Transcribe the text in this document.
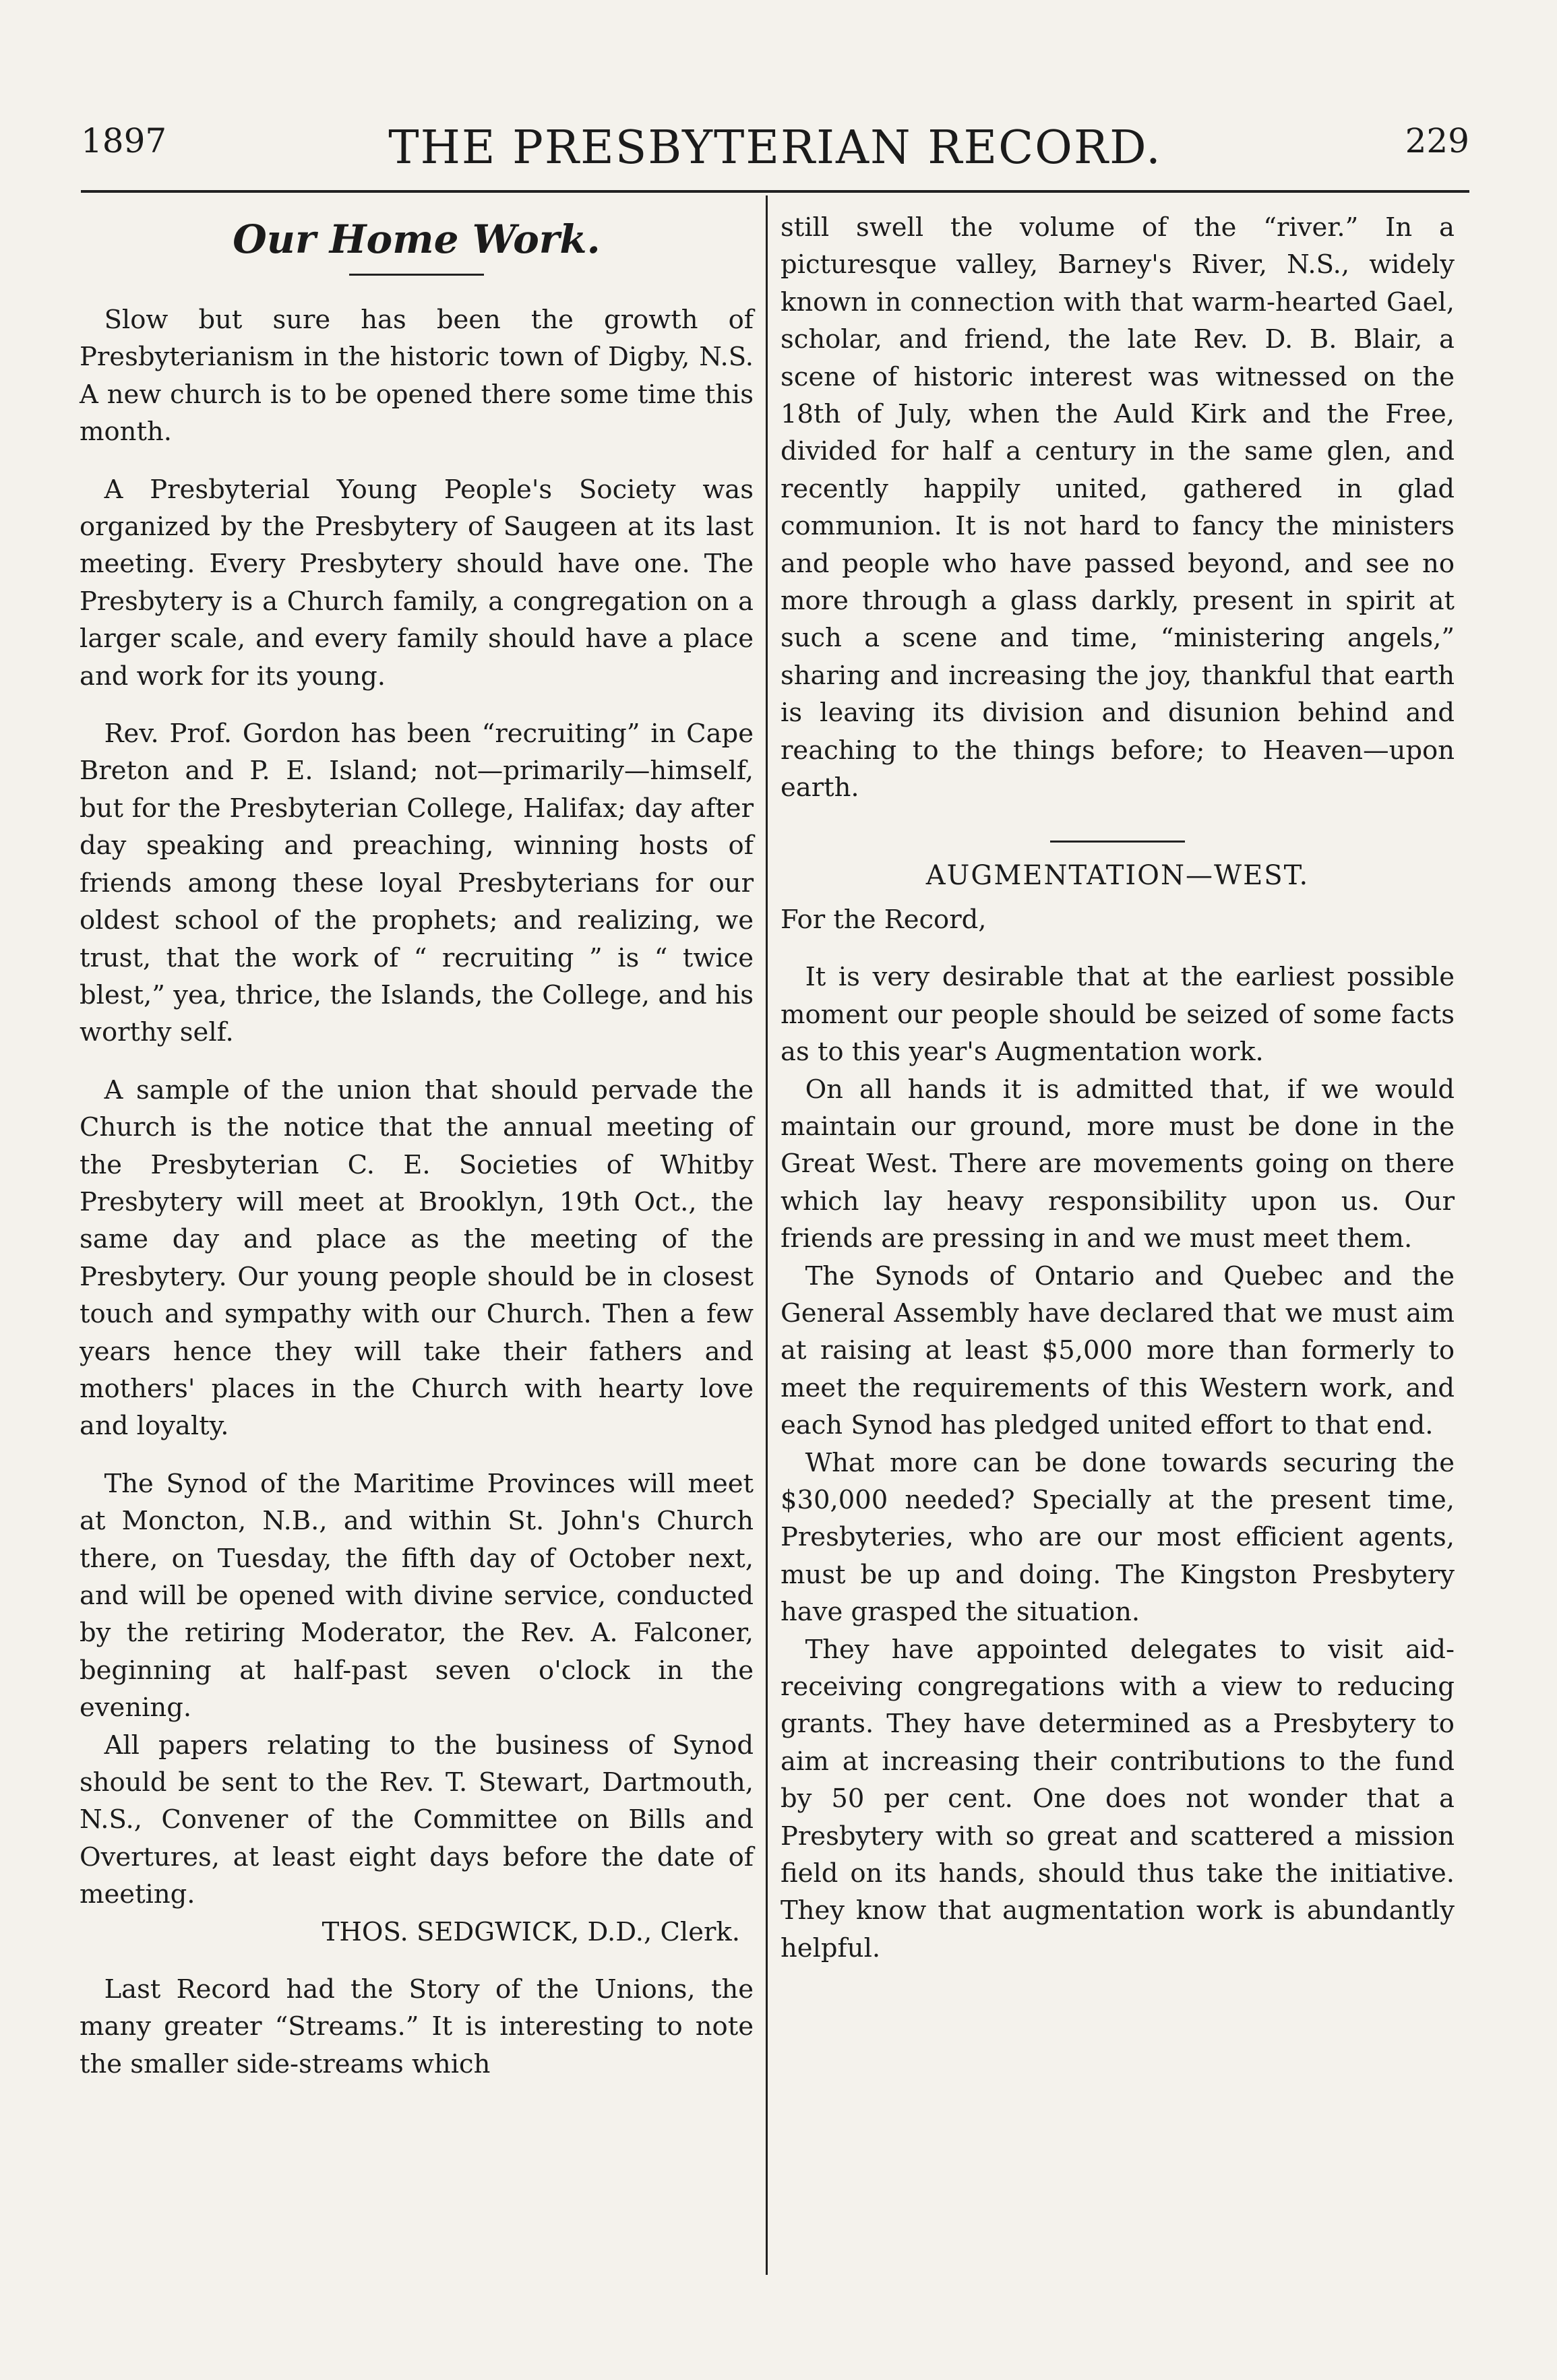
THE PRESBYTERIAN RECORD.
1897	229
Our Home Work.

Slow but sure has been the growth of Presbyterianism in the historic town of Digby, N.S. A new church is to be opened there some time this month.

A Presbyterial Young People's Society was organized by the Presbytery of Saugeen at its last meeting. Every Presbytery should have one. The Presbytery is a Church family, a congregation on a larger scale, and every family should have a place and work for its young.

Rev. Prof. Gordon has been “recruiting” in Cape Breton and P. E. Island; not—primarily—himself, but for the Presbyterian College, Halifax; day after day speaking and preaching, winning hosts of friends among these loyal Presbyterians for our oldest school of the prophets; and realizing, we trust, that the work of “ recruiting ” is “ twice blest,” yea, thrice, the Islands, the College, and his worthy self.

A sample of the union that should pervade the Church is the notice that the annual meeting of the Presbyterian C. E. Societies of Whitby Presbytery will meet at Brooklyn, 19th Oct., the same day and place as the meeting of the Presbytery. Our young people should be in closest touch and sympathy with our Church. Then a few years hence they will take their fathers and mothers' places in the Church with hearty love and loyalty.

The Synod of the Maritime Provinces will meet at Moncton, N.B., and within St. John's Church there, on Tuesday, the fifth day of October next, and will be opened with divine service, conducted by the retiring Moderator, the Rev. A. Falconer, beginning at half-past seven o'clock in the evening.

All papers relating to the business of Synod should be sent to the Rev. T. Stewart, Dartmouth, N.S., Convener of the Committee on Bills and Overtures, at least eight days before the date of meeting.

THOS. SEDGWICK, D.D., Clerk.

Last Record had the Story of the Unions, the many greater “Streams.” It is interesting to note the smaller side-streams which

still swell the volume of the “river.” In a picturesque valley, Barney's River, N.S., widely known in connection with that warm-hearted Gael, scholar, and friend, the late Rev. D. B. Blair, a scene of historic interest was witnessed on the 18th of July, when the Auld Kirk and the Free, divided for half a century in the same glen, and recently happily united, gathered in glad communion. It is not hard to fancy the ministers and people who have passed beyond, and see no more through a glass darkly, present in spirit at such a scene and time, “ministering angels,” sharing and increasing the joy, thankful that earth is leaving its division and disunion behind and reaching to the things before; to Heaven—upon earth.

AUGMENTATION—WEST.

For the Record,

It is very desirable that at the earliest possible moment our people should be seized of some facts as to this year's Augmentation work.

On all hands it is admitted that, if we would maintain our ground, more must be done in the Great West. There are movements going on there which lay heavy responsibility upon us. Our friends are pressing in and we must meet them.

The Synods of Ontario and Quebec and the General Assembly have declared that we must aim at raising at least $5,000 more than formerly to meet the requirements of this Western work, and each Synod has pledged united effort to that end.

What more can be done towards securing the $30,000 needed? Specially at the present time, Presbyteries, who are our most efficient agents, must be up and doing. The Kingston Presbytery have grasped the situation.

They have appointed delegates to visit aid-receiving congregations with a view to reducing grants. They have determined as a Presbytery to aim at increasing their contributions to the fund by 50 per cent. One does not wonder that a Presbytery with so great and scattered a mission field on its hands, should thus take the initiative. They know that augmentation work is abundantly helpful.
